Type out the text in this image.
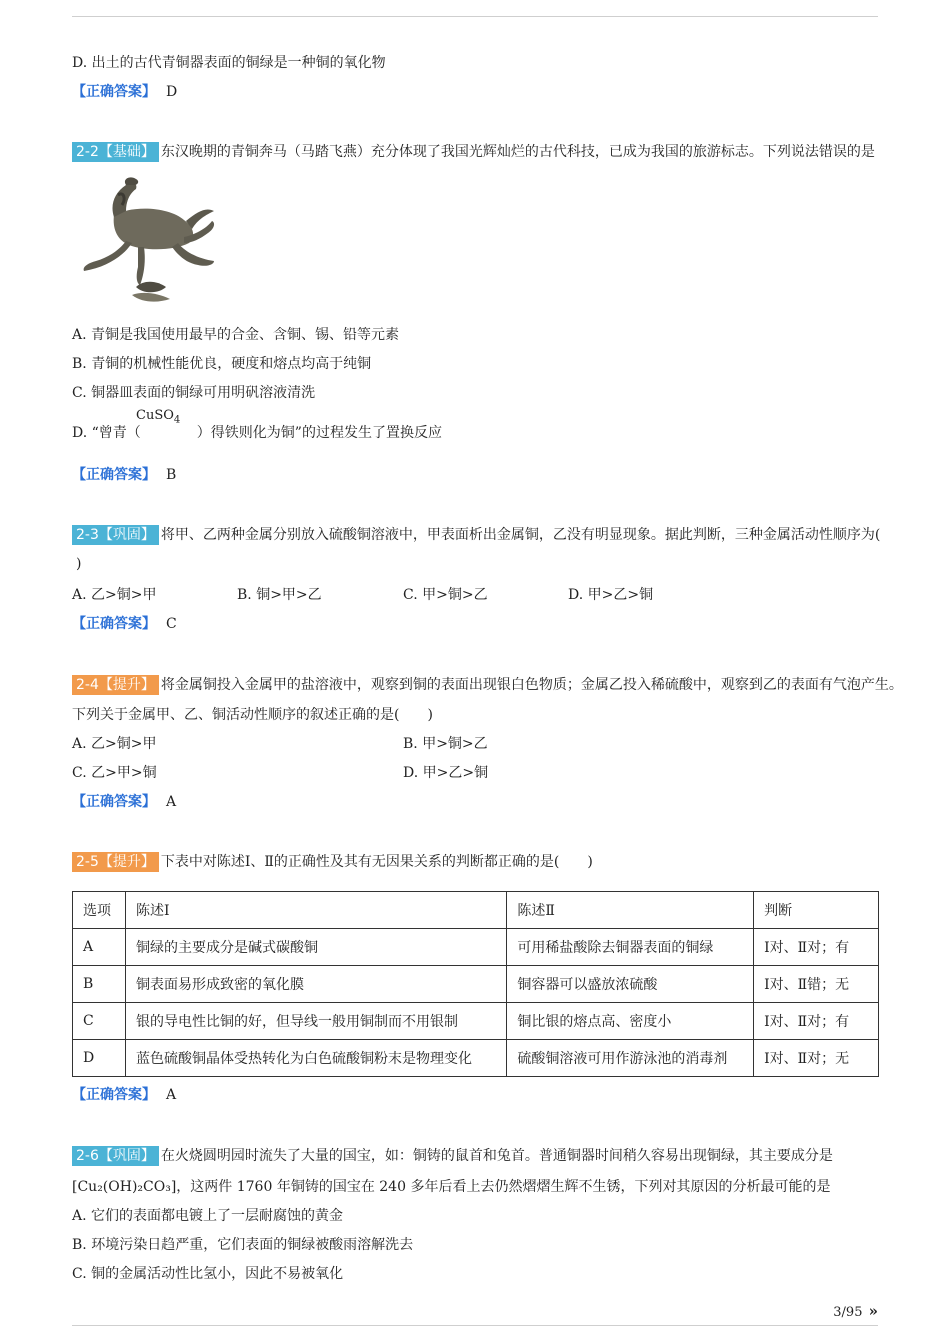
D. 出土的古代青铜器表面的铜绿是一种铜的氧化物
【正确答案】 D
2-2【基础】 东汉晚期的青铜奔马（马踏飞燕）充分体现了我国光辉灿烂的古代科技，已成为我国的旅游标志。下列说法错误的是
A. 青铜是我国使用最早的合金、含铜、锡、铅等元素
B. 青铜的机械性能优良，硬度和熔点均高于纯铜
C. 铜器皿表面的铜绿可用明矾溶液清洗
D. “曾青（	）得铁则化为铜”的过程发生了置换反应
CuSO$_4$
【正确答案】 B
2-3【巩固】 将甲、乙两种金属分别放入硫酸铜溶液中，甲表面析出金属铜，乙没有明显现象。据此判断，三种金属活动性顺序为(
)
A. 乙>铜>甲	B. 铜>甲>乙	C. 甲>铜>乙	D. 甲>乙>铜
【正确答案】 C
2-4【提升】 将金属铜投入金属甲的盐溶液中，观察到铜的表面出现银白色物质；金属乙投入稀硫酸中，观察到乙的表面有气泡产生。
下列关于金属甲、乙、铜活动性顺序的叙述正确的是(　　)
A. 乙>铜>甲	B. 甲>铜>乙
C. 乙>甲>铜	D. 甲>乙>铜
【正确答案】 A
2-5【提升】 下表中对陈述Ⅰ、Ⅱ的正确性及其有无因果关系的判断都正确的是(　　)
选项	陈述Ⅰ	陈述Ⅱ	判断
A	铜绿的主要成分是碱式碳酸铜	可用稀盐酸除去铜器表面的铜绿	Ⅰ对、Ⅱ对；有
B	铜表面易形成致密的氧化膜	铜容器可以盛放浓硫酸	Ⅰ对、Ⅱ错；无
C	银的导电性比铜的好，但导线一般用铜制而不用银制	铜比银的熔点高、密度小	Ⅰ对、Ⅱ对；有
D	蓝色硫酸铜晶体受热转化为白色硫酸铜粉末是物理变化	硫酸铜溶液可用作游泳池的消毒剂	Ⅰ对、Ⅱ对；无
【正确答案】 A
2-6【巩固】 在火烧圆明园时流失了大量的国宝，如：铜铸的鼠首和兔首。普通铜器时间稍久容易出现铜绿，其主要成分是
[Cu₂(OH)₂CO₃]，这两件 1760 年铜铸的国宝在 240 多年后看上去仍然熠熠生辉不生锈，下列对其原因的分析最可能的是
A. 它们的表面都电镀上了一层耐腐蚀的黄金
B. 环境污染日趋严重，它们表面的铜绿被酸雨溶解洗去
C. 铜的金属活动性比氢小，因此不易被氧化
3/95 »
